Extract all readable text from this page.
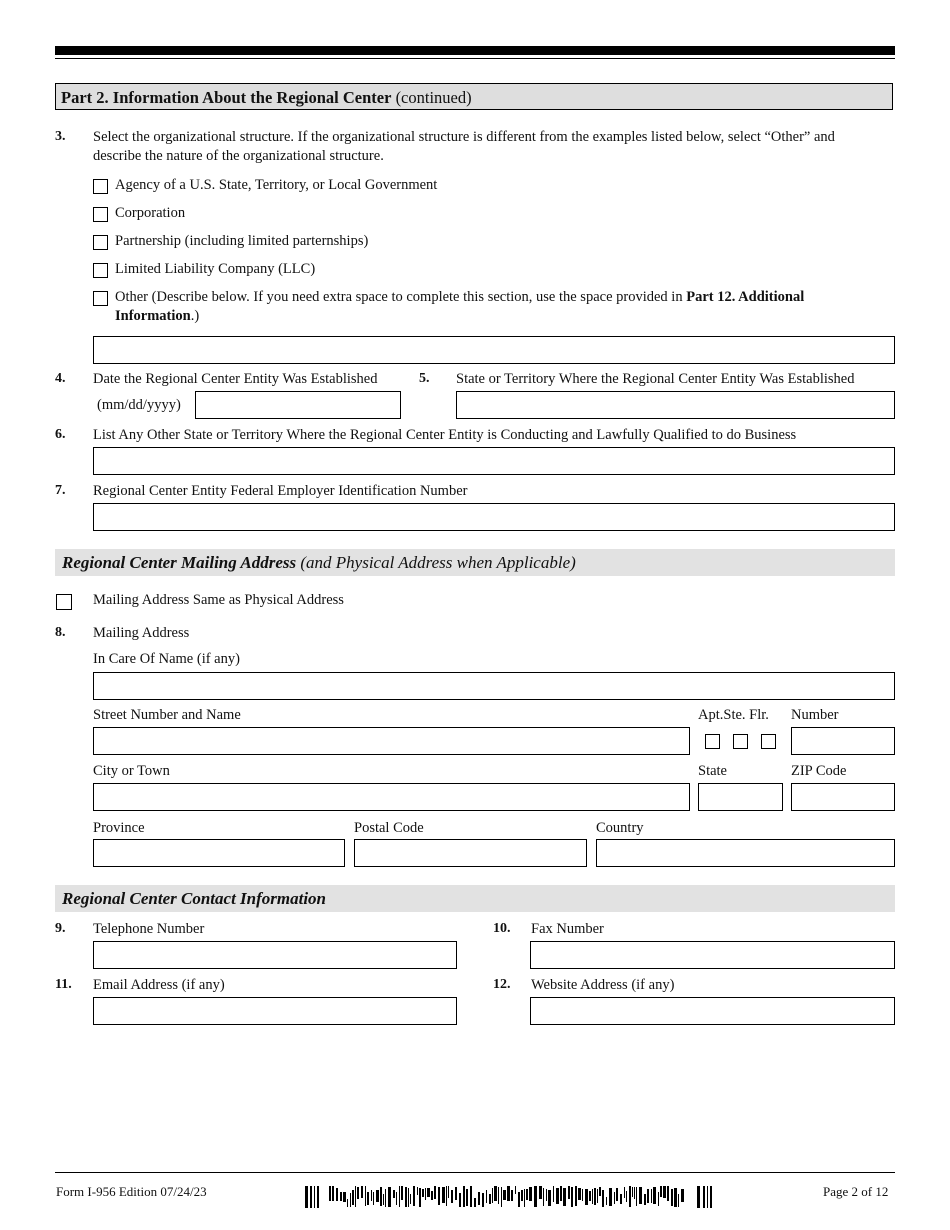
Part 2. Information About the Regional Center (continued)
3. Select the organizational structure. If the organizational structure is different from the examples listed below, select “Other” and
describe the nature of the organizational structure.
Agency of a U.S. State, Territory, or Local Government
Corporation
Partnership (including limited parternships)
Limited Liability Company (LLC)
Other (Describe below. If you need extra space to complete this section, use the space provided in Part 12. Additional
Information.)
4. Date the Regional Center Entity Was Established
(mm/dd/yyyy)
5. State or Territory Where the Regional Center Entity Was Established
6. List Any Other State or Territory Where the Regional Center Entity is Conducting and Lawfully Qualified to do Business
7. Regional Center Entity Federal Employer Identification Number
Regional Center Mailing Address (and Physical Address when Applicable)
Mailing Address Same as Physical Address
8. Mailing Address
In Care Of Name (if any)
Street Number and Name	Apt.Ste. Flr. Number
City or Town	State	ZIP Code
Province	Postal Code	Country
Regional Center Contact Information
9. Telephone Number	10. Fax Number
11. Email Address (if any)	12. Website Address (if any)
Form I-956 Edition 07/24/23	Page 2 of 12
